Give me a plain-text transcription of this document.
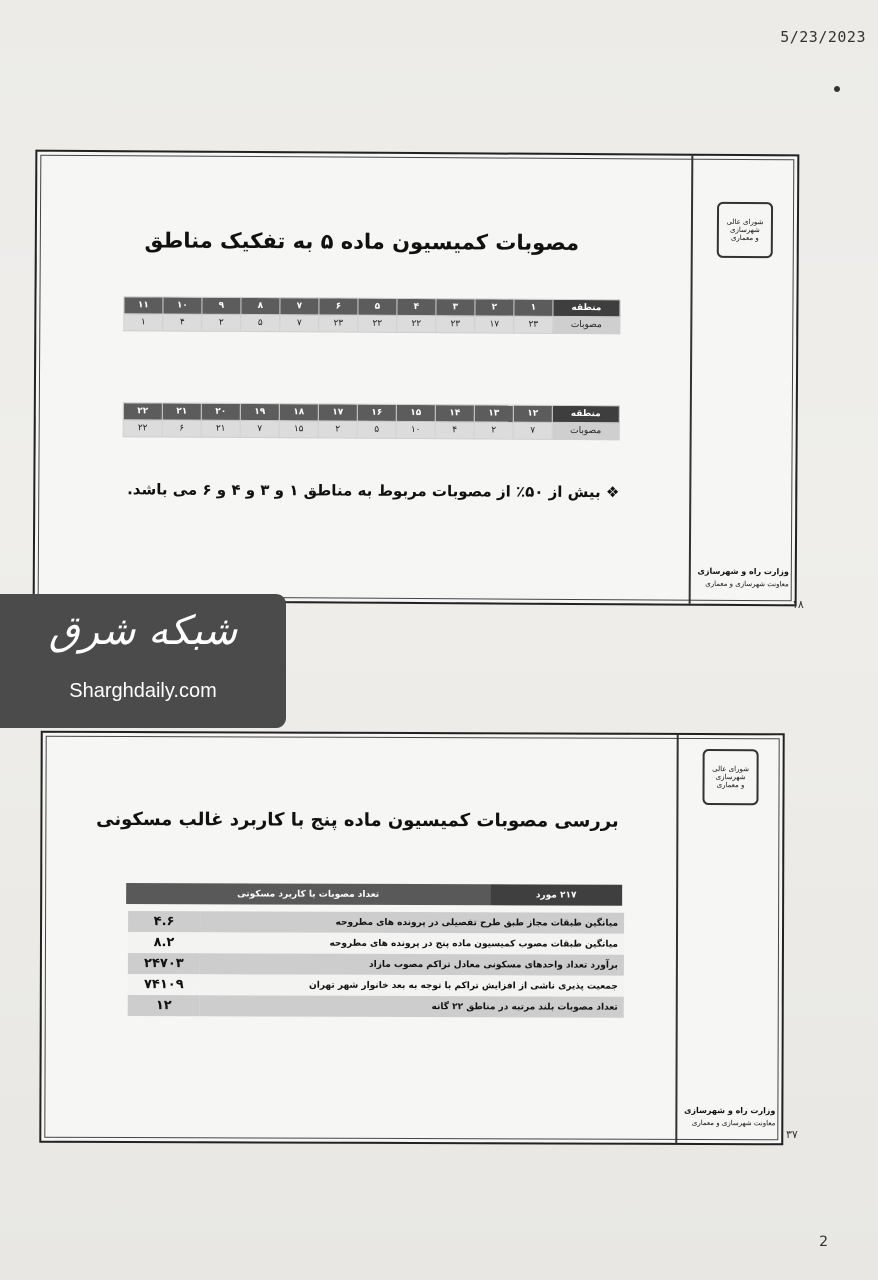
5/23/2023
شورای عالی
شهرسازی
و معماری
وزارت راه و شهرسازی
معاونت شهرسازی و معماری
مصوبات کمیسیون ماده ۵ به تفکیک مناطق
منطقه	۱	۲	۳	۴	۵	۶	۷	۸	۹	۱۰	۱۱
مصوبات	۲۳	۱۷	۲۳	۲۲	۲۲	۲۳	۷	۵	۲	۴	۱
منطقه	۱۲	۱۳	۱۴	۱۵	۱۶	۱۷	۱۸	۱۹	۲۰	۲۱	۲۲
مصوبات	۷	۲	۴	۱۰	۵	۲	۱۵	۷	۲۱	۶	۲۲
❖ بیش از ۵۰٪ از مصوبات مربوط به مناطق ۱ و ۳ و ۴ و ۶ می باشد.
۱۸
شورای عالی
شهرسازی
و معماری
وزارت راه و شهرسازی
معاونت شهرسازی و معماری
بررسی مصوبات کمیسیون ماده پنج با کاربرد غالب مسکونی
۲۱۷ مورد	تعداد مصوبات با کاربرد مسکونی
۴.۶	میانگین طبقات مجاز طبق طرح تفصیلی در پرونده های مطروحه
۸.۲	میانگین طبقات مصوب کمیسیون ماده پنج در پرونده های مطروحه
۲۴۷۰۳	برآورد تعداد واحدهای مسکونی معادل تراکم مصوب مازاد
۷۴۱۰۹	جمعیت پذیری ناشی از افزایش تراکم با توجه به بعد خانوار شهر تهران
۱۲	تعداد مصوبات بلند مرتبه در مناطق ۲۲ گانه
۳۷
2
شبکه شرق
Sharghdaily.com
